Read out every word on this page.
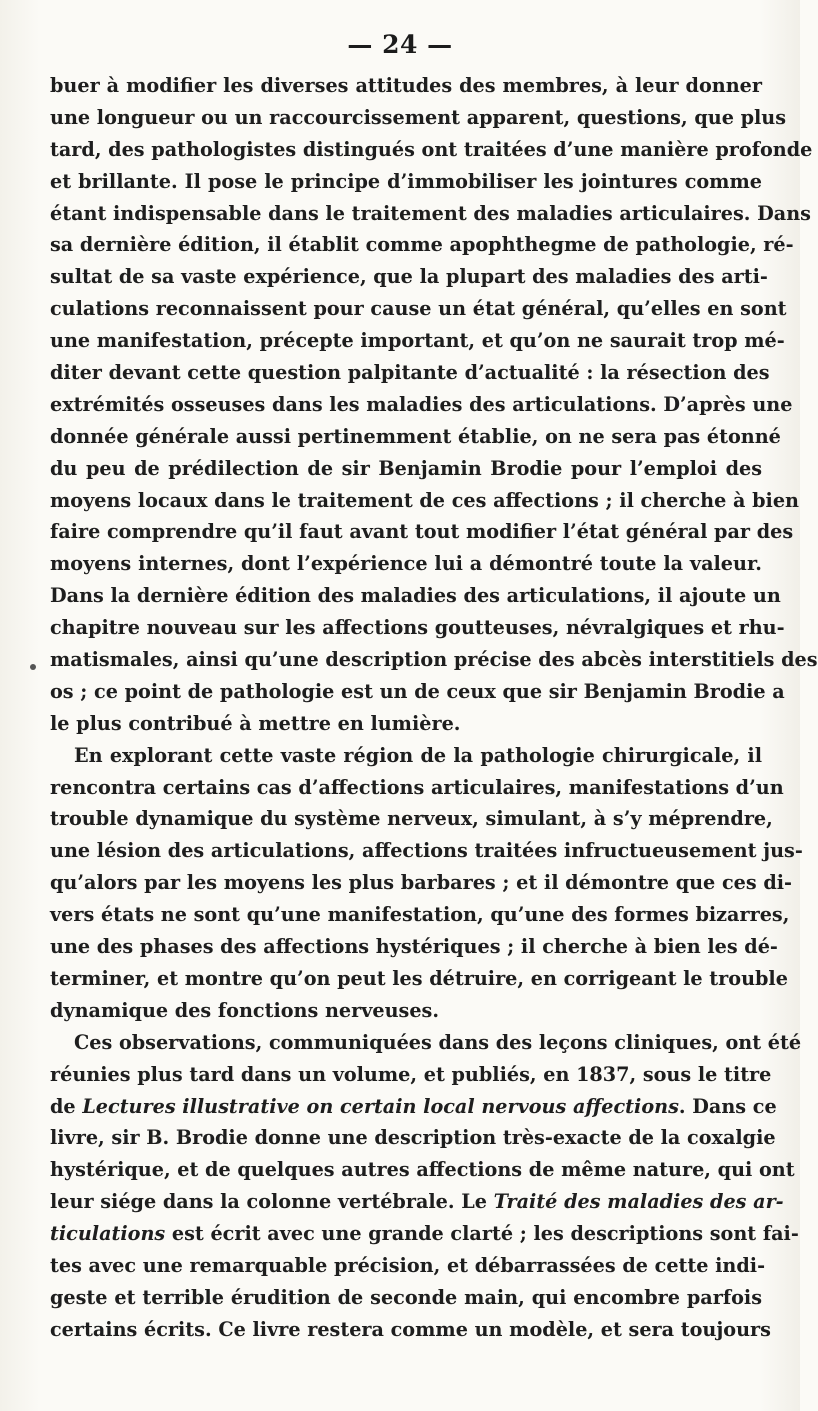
— 24 —
buer à modifier les diverses attitudes des membres, à leur donner
une longueur ou un raccourcissement apparent, questions, que plus
tard, des pathologistes distingués ont traitées d’une manière profonde
et brillante. Il pose le principe d’immobiliser les jointures comme
étant indispensable dans le traitement des maladies articulaires. Dans
sa dernière édition, il établit comme apophthegme de pathologie, ré-
sultat de sa vaste expérience, que la plupart des maladies des arti-
culations reconnaissent pour cause un état général, qu’elles en sont
une manifestation, précepte important, et qu’on ne saurait trop mé-
diter devant cette question palpitante d’actualité : la résection des
extrémités osseuses dans les maladies des articulations. D’après une
donnée générale aussi pertinemment établie, on ne sera pas étonné
du peu de prédilection de sir Benjamin Brodie pour l’emploi des
moyens locaux dans le traitement de ces affections ; il cherche à bien
faire comprendre qu’il faut avant tout modifier l’état général par des
moyens internes, dont l’expérience lui a démontré toute la valeur.
Dans la dernière édition des maladies des articulations, il ajoute un
chapitre nouveau sur les affections goutteuses, névralgiques et rhu-
matismales, ainsi qu’une description précise des abcès interstitiels des
os ; ce point de pathologie est un de ceux que sir Benjamin Brodie a
le plus contribué à mettre en lumière.
En explorant cette vaste région de la pathologie chirurgicale, il
rencontra certains cas d’affections articulaires, manifestations d’un
trouble dynamique du système nerveux, simulant, à s’y méprendre,
une lésion des articulations, affections traitées infructueusement jus-
qu’alors par les moyens les plus barbares ; et il démontre que ces di-
vers états ne sont qu’une manifestation, qu’une des formes bizarres,
une des phases des affections hystériques ; il cherche à bien les dé-
terminer, et montre qu’on peut les détruire, en corrigeant le trouble
dynamique des fonctions nerveuses.
Ces observations, communiquées dans des leçons cliniques, ont été
réunies plus tard dans un volume, et publiés, en 1837, sous le titre
de Lectures illustrative on certain local nervous affections. Dans ce
livre, sir B. Brodie donne une description très-exacte de la coxalgie
hystérique, et de quelques autres affections de même nature, qui ont
leur siége dans la colonne vertébrale. Le Traité des maladies des ar-
ticulations est écrit avec une grande clarté ; les descriptions sont fai-
tes avec une remarquable précision, et débarrassées de cette indi-
geste et terrible érudition de seconde main, qui encombre parfois
certains écrits. Ce livre restera comme un modèle, et sera toujours
